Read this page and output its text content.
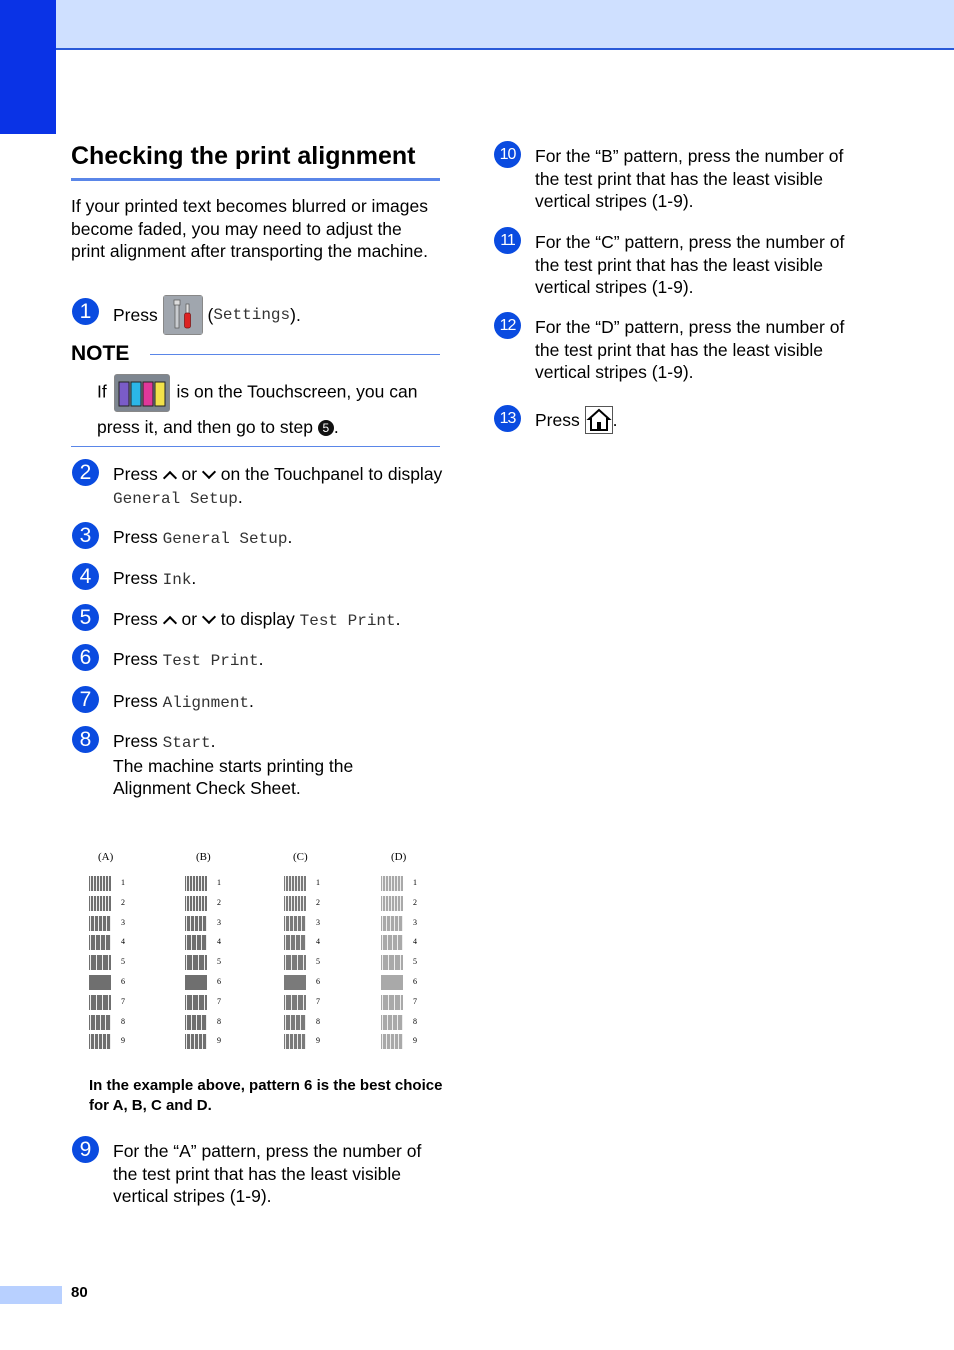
Checking the print alignment
If your printed text becomes blurred or images become faded, you may need to adjust the print alignment after transporting the machine.
1	Press
	( Settings ).
NOTE
If	is on the Touchscreen, you can press it, and then go to step 5 .
2	Press or on the Touchpanel to display General Setup.
3	Press General Setup.
4	Press Ink.
5	Press or to display Test Print.
6	Press Test Print.
7	Press Alignment.
8	Press Start.
The machine starts printing the Alignment Check Sheet.
(A)
1
2
3
4
5
6
7
8
9
(B)
1
2
3
4
5
6
7
8
9
(C)
1
2
3
4
5
6
7
8
9
(D)
1
2
3
4
5
6
7
8
9
In the example above, pattern 6 is the best choice for A, B, C and D.
9	For the “A” pattern, press the number of the test print that has the least visible vertical stripes (1-9).
10	For the “B” pattern, press the number of the test print that has the least visible vertical stripes (1-9).
11	For the “C” pattern, press the number of the test print that has the least visible vertical stripes (1-9).
12	For the “D” pattern, press the number of the test print that has the least visible vertical stripes (1-9).
13	Press
.
80
